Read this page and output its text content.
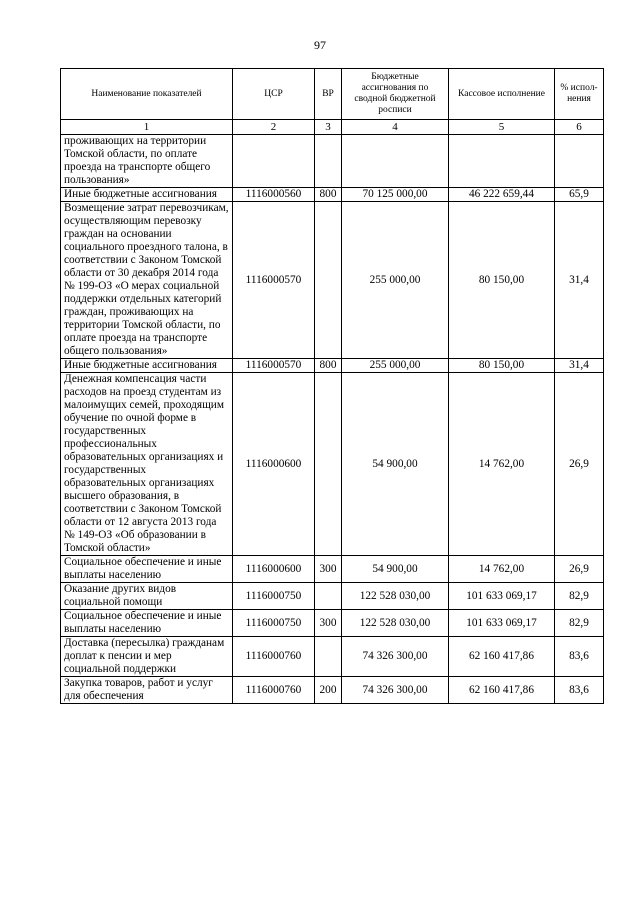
97
Наименование показателей	ЦСР	ВР	Бюджетные ассигнования по сводной бюджетной росписи	Кассовое исполнение	% испол-нения
1	2	3	4	5	6
проживающих на территории Томской области, по оплате проезда на транспорте общего пользования»					
Иные бюджетные ассигнования	1116000560	800	70 125 000,00	46 222 659,44	65,9
Возмещение затрат перевозчикам, осуществляющим перевозку граждан на основании социального проездного талона, в соответствии с Законом Томской области от 30 декабря 2014 года № 199-ОЗ «О мерах социальной поддержки отдельных категорий граждан, проживающих на территории Томской области, по оплате проезда на транспорте общего пользования»	1116000570		255 000,00	80 150,00	31,4
Иные бюджетные ассигнования	1116000570	800	255 000,00	80 150,00	31,4
Денежная компенсация части расходов на проезд студентам из малоимущих семей, проходящим обучение по очной форме в государственных профессиональных образовательных организациях и государственных образовательных организациях высшего образования, в соответствии с Законом Томской области от 12 августа 2013 года № 149-ОЗ «Об образовании в Томской области»	1116000600		54 900,00	14 762,00	26,9
Социальное обеспечение и иные выплаты населению	1116000600	300	54 900,00	14 762,00	26,9
Оказание других видов социальной помощи	1116000750		122 528 030,00	101 633 069,17	82,9
Социальное обеспечение и иные выплаты населению	1116000750	300	122 528 030,00	101 633 069,17	82,9
Доставка (пересылка) гражданам доплат к пенсии и мер социальной поддержки	1116000760		74 326 300,00	62 160 417,86	83,6
Закупка товаров, работ и услуг для обеспечения	1116000760	200	74 326 300,00	62 160 417,86	83,6
